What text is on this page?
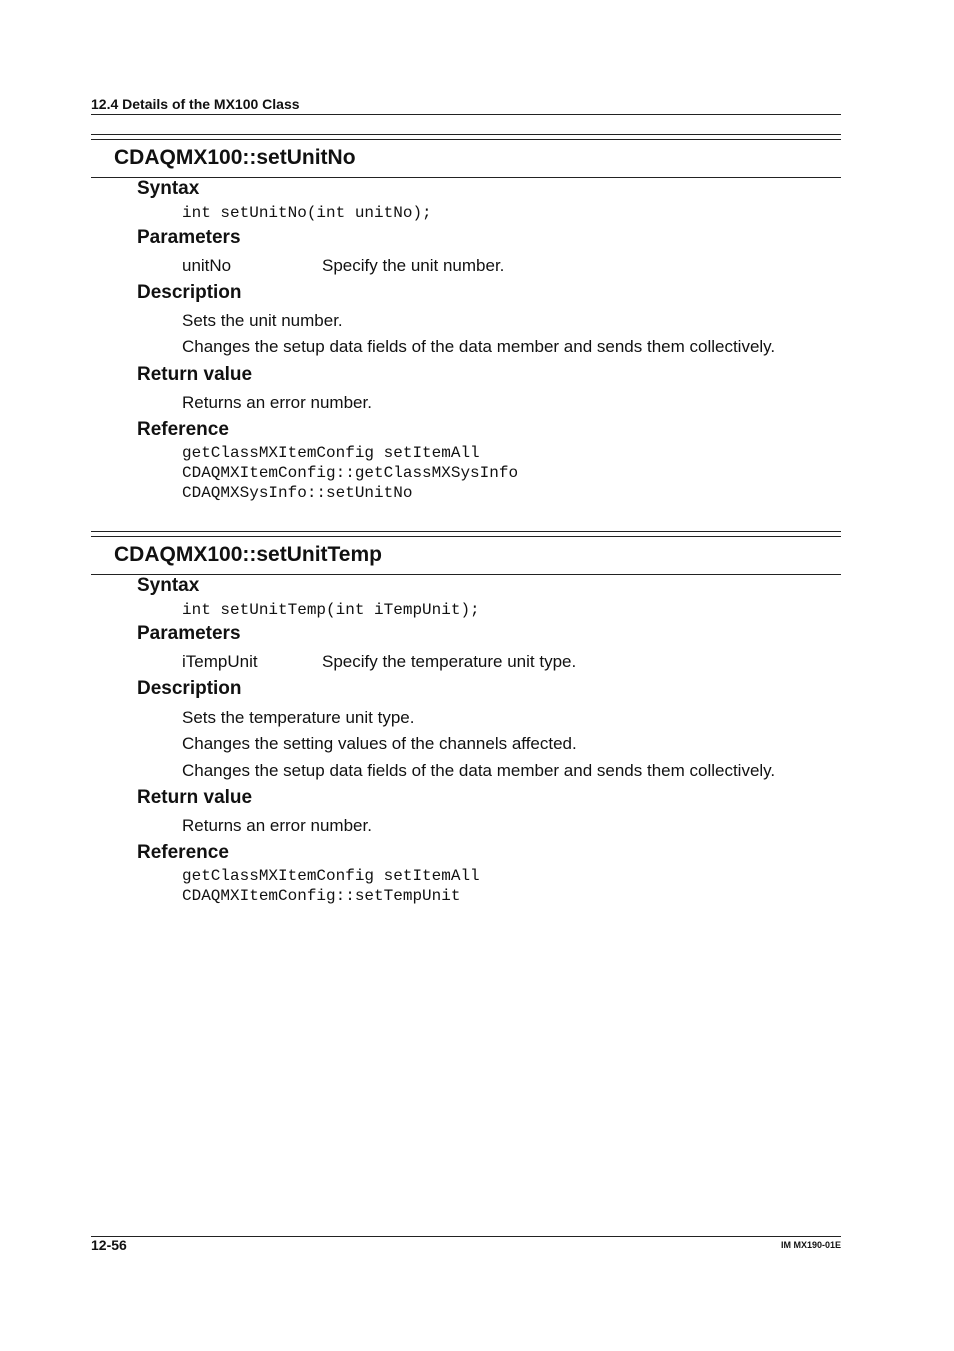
12.4 Details of the MX100 Class
CDAQMX100::setUnitNo
Syntax
int setUnitNo(int unitNo);
Parameters
unitNo	Specify the unit number.
Description
Sets the unit number.
Changes the setup data fields of the data member and sends them collectively.
Return value
Returns an error number.
Reference
getClassMXItemConfig setItemAll
CDAQMXItemConfig::getClassMXSysInfo
CDAQMXSysInfo::setUnitNo
CDAQMX100::setUnitTemp
Syntax
int setUnitTemp(int iTempUnit);
Parameters
iTempUnit	Specify the temperature unit type.
Description
Sets the temperature unit type.
Changes the setting values of the channels affected.
Changes the setup data fields of the data member and sends them collectively.
Return value
Returns an error number.
Reference
getClassMXItemConfig setItemAll
CDAQMXItemConfig::setTempUnit
12-56	IM MX190-01E
